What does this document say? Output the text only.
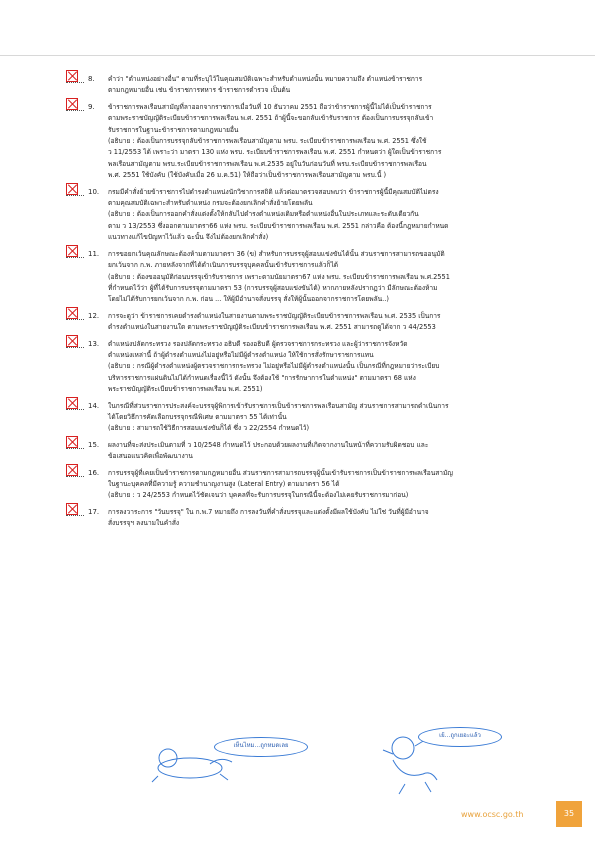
8.	คำว่า "ตำแหน่งอย่างอื่น" ตามที่ระบุไว้ในคุณสมบัติเฉพาะสำหรับตำแหน่งนั้น หมายความถึง ตำแหน่งข้าราชการ
ตามกฎหมายอื่น เช่น ข้าราชการทหาร ข้าราชการตำรวจ เป็นต้น
9.	ข้าราชการพลเรือนสามัญที่ลาออกจากราชการเมื่อวันที่ 10 ธันวาคม 2551 ถือว่าข้าราชการผู้นี้ไม่ได้เป็นข้าราชการ
ตามพระราชบัญญัติระเบียบข้าราชการพลเรือน พ.ศ. 2551 ถ้าผู้นี้จะขอกลับเข้ารับราชการ ต้องเป็นการบรรจุกลับเข้า
รับราชการในฐานะข้าราชการตามกฎหมายอื่น
(อธิบาย : ต้องเป็นการบรรจุกลับข้าราชการพลเรือนสามัญตาม พรบ. ระเบียบข้าราชการพลเรือน พ.ศ. 2551 ซึ่งใช้
ว 11/2553 ได้ เพราะว่า มาตรา 130 แห่ง พรบ. ระเบียบข้าราชการพลเรือน พ.ศ. 2551 กำหนดว่า ผู้ใดเป็นข้าราชการ
พลเรือนสามัญตาม พรบ.ระเบียบข้าราชการพลเรือน พ.ศ.2535 อยู่ในวันก่อนวันที่ พรบ.ระเบียบข้าราชการพลเรือน
พ.ศ. 2551 ใช้บังคับ (ใช้บังคับเมื่อ 26 ม.ค.51) ให้ถือว่าเป็นข้าราชการพลเรือนสามัญตาม พรบ.นี้ )
10.	กรมมีคำสั่งย้ายข้าราชการไปดำรงตำแหน่งนักวิชาการสถิติ แล้วต่อมาตรวจสอบพบว่า ข้าราชการผู้นี้มีคุณสมบัติไม่ตรง
ตามคุณสมบัติเฉพาะสำหรับตำแหน่ง กรมจะต้องยกเลิกคำสั่งย้ายโดยพลัน
(อธิบาย : ต้องเป็นการออกคำสั่งแต่งตั้งให้กลับไปดำรงตำแหน่งเดิมหรือตำแหน่งอื่นในประเภทและระดับเดียวกัน
ตาม ว 13/2553 ซึ่งออกตามมาตรา66 แห่ง พรบ. ระเบียบข้าราชการพลเรือน พ.ศ. 2551 กล่าวคือ ต้องนี้กฎหมายกำหนด
แนวทางแก้ไขปัญหาไว้แล้ว ฉะนั้น จึงไม่ต้องยกเลิกคำสั่ง)
11.	การขอยกเว้นคุณลักษณะต้องห้ามตามมาตรา 36 (ข) สำหรับการบรรจุผู้สอบแข่งขันได้นั้น ส่วนราชการสามารถขออนุมัติ
ยกเว้นจาก ก.พ. ภายหลังจากที่ได้ดำเนินการบรรจุบุคคลนั้นเข้ารับราชการแล้วก็ได้
(อธิบาย : ต้องขออนุมัติก่อนบรรจุเข้ารับราชการ เพราะตามนัยมาตรา67 แห่ง พรบ. ระเบียบข้าราชการพลเรือน พ.ศ.2551
ที่กำหนดไว้ว่า ผู้ที่ได้รับการบรรจุตามมาตรา 53 (การบรรจุผู้สอบแข่งขันได้) หากภายหลังปรากฏว่า มีลักษณะต้องห้าม
โดยไม่ได้รับการยกเว้นจาก ก.พ. ก่อน ... ให้ผู้มีอำนาจสั่งบรรจุ สั่งให้ผู้นั้นออกจากราชการโดยพลัน..)
12.	การจะดูว่า ข้าราชการเคยดำรงตำแหน่งในสายงานตามพระราชบัญญัติระเบียบข้าราชการพลเรือน พ.ศ. 2535 เป็นการ
ดำรงตำแหน่งในสายงานใด ตามพระราชบัญญัติระเบียบข้าราชการพลเรือน พ.ศ. 2551 สามารถดูได้จาก ว 44/2553
13.	ตำแหน่งปลัดกระทรวง รองปลัดกระทรวง อธิบดี รองอธิบดี ผู้ตรวจราชการกระทรวง และผู้ว่าราชการจังหวัด
ตำแหน่งเหล่านี้ ถ้าผู้ดำรงตำแหน่งไม่อยู่หรือไม่มีผู้ดำรงตำแหน่ง ให้ใช้การสั่งรักษาราชการแทน
(อธิบาย : กรณีผู้ดำรงตำแหน่งผู้ตรวจราชการกระทรวง ไม่อยู่หรือไม่มีผู้ดำรงตำแหน่งนั้น เป็นกรณีที่กฎหมายว่าระเบียบ
บริหารราชการแผ่นดินไม่ได้กำหนดเรื่องนี้ไว้ ดังนั้น จึงต้องใช้ "การรักษาการในตำแหน่ง" ตามมาตรา 68 แห่ง
พระราชบัญญัติระเบียบข้าราชการพลเรือน พ.ศ. 2551)
14.	ในกรณีที่ส่วนราชการประสงค์จะบรรจุผู้พิการเข้ารับราชการเป็นข้าราชการพลเรือนสามัญ ส่วนราชการสามารถดำเนินการ
ได้โดยวิธีการคัดเลือกบรรจุกรณีพิเศษ ตามมาตรา 55 ได้เท่านั้น
(อธิบาย : สามารถใช้วิธีการสอบแข่งขันก็ได้ ซึ่ง ว 22/2554 กำหนดไว้)
15.	ผลงานที่จะส่งประเมินตามที่ ว 10/2548 กำหนดไว้ ประกอบด้วยผลงานที่เกิดจากงานในหน้าที่ความรับผิดชอบ และ
ข้อเสนอแนวคิดเพื่อพัฒนางาน
16.	การบรรจุผู้ที่เคยเป็นข้าราชการตามกฎหมายอื่น ส่วนราชการสามารถบรรจุผู้นั้นเข้ารับราชการเป็นข้าราชการพลเรือนสามัญ
ในฐานะบุคคลที่มีความรู้ ความชำนาญงานสูง (Lateral Entry) ตามมาตรา 56 ได้
(อธิบาย : ว 24/2553 กำหนดไว้ชัดเจนว่า บุคคลที่จะรับการบรรจุในกรณีนี้จะต้องไม่เคยรับราชการมาก่อน)
17.	การลงวาระการ "วันบรรจุ" ใน ก.พ.7 หมายถึง การลงวันที่คำสั่งบรรจุและแต่งตั้งมีผลใช้บังคับ ไม่ใช่ วันที่ผู้มีอำนาจ
สั่งบรรจุฯ ลงนามในคำสั่ง
เห็นไหม...ถูกหมดเลย
เย้...ถูกเยอะแล้ว
www.ocsc.go.th	35
